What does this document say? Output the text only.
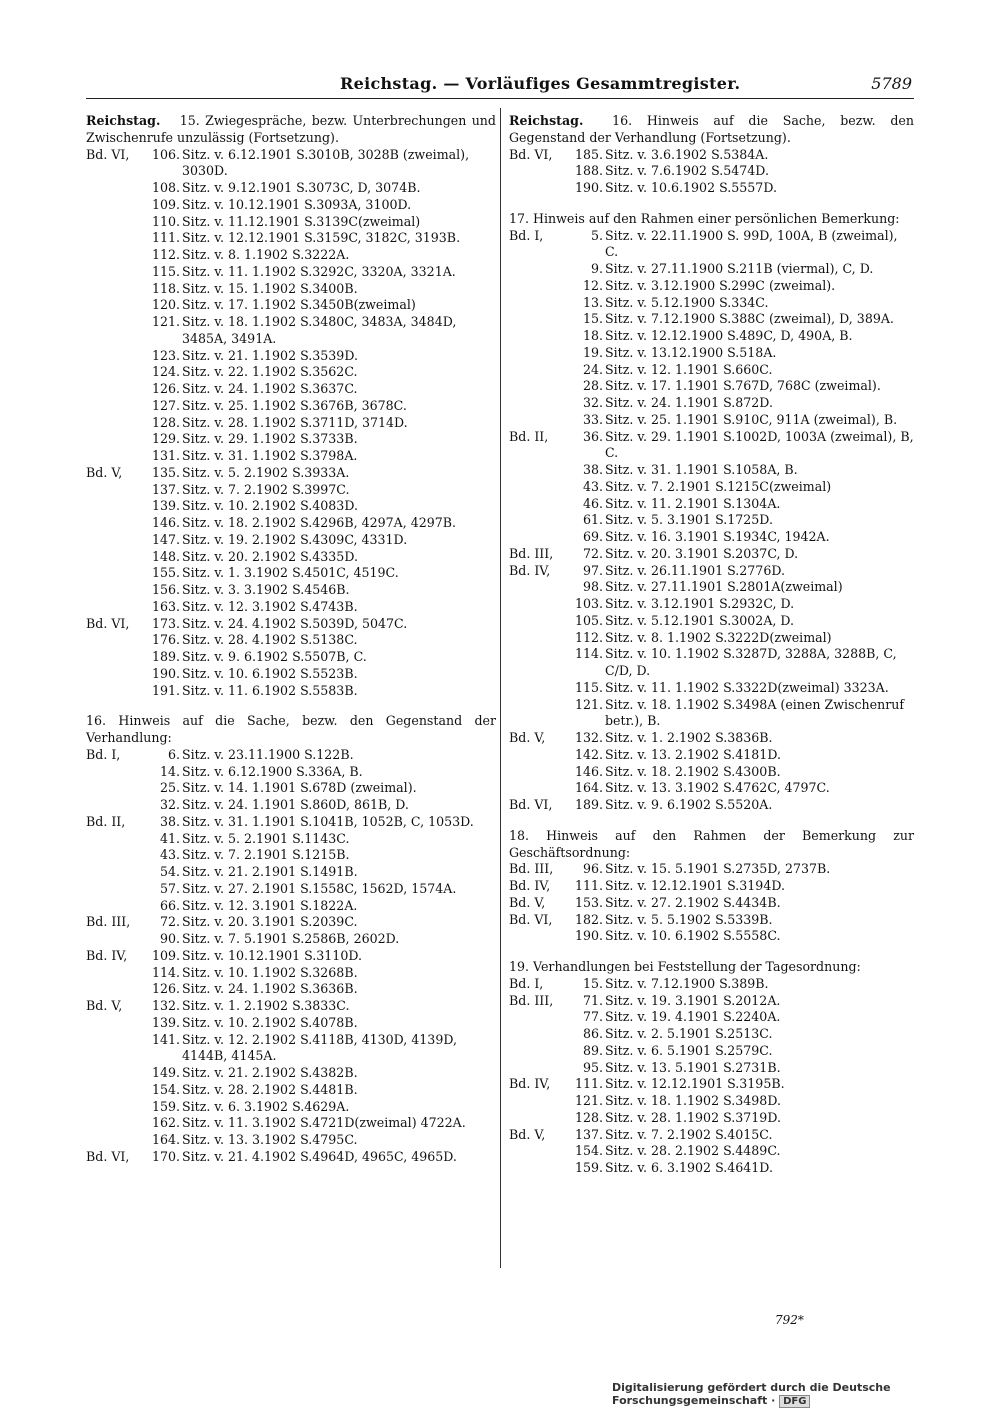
Reichstag. — Vorläufiges Gesammtregister.	5789

Reichstag. 15. Zwiegespräche, bezw. Unterbrechungen und Zwischenrufe unzulässig (Fortsetzung).

Bd. VI,	106. Sitz. v. 6.12.1901 S.3010B, 3028B (zweimal), 3030D.
108. Sitz. v. 9.12.1901 S.3073C, D, 3074B.
109. Sitz. v. 10.12.1901 S.3093A, 3100D.
110. Sitz. v. 11.12.1901 S.3139C(zweimal)
111. Sitz. v. 12.12.1901 S.3159C, 3182C, 3193B.
112. Sitz. v. 8. 1.1902 S.3222A.
115. Sitz. v. 11. 1.1902 S.3292C, 3320A, 3321A.
118. Sitz. v. 15. 1.1902 S.3400B.
120. Sitz. v. 17. 1.1902 S.3450B(zweimal)
121. Sitz. v. 18. 1.1902 S.3480C, 3483A, 3484D, 3485A, 3491A.
123. Sitz. v. 21. 1.1902 S.3539D.
124. Sitz. v. 22. 1.1902 S.3562C.
126. Sitz. v. 24. 1.1902 S.3637C.
127. Sitz. v. 25. 1.1902 S.3676B, 3678C.
128. Sitz. v. 28. 1.1902 S.3711D, 3714D.
129. Sitz. v. 29. 1.1902 S.3733B.
131. Sitz. v. 31. 1.1902 S.3798A.
Bd. V,	135. Sitz. v. 5. 2.1902 S.3933A.
137. Sitz. v. 7. 2.1902 S.3997C.
139. Sitz. v. 10. 2.1902 S.4083D.
146. Sitz. v. 18. 2.1902 S.4296B, 4297A, 4297B.
147. Sitz. v. 19. 2.1902 S.4309C, 4331D.
148. Sitz. v. 20. 2.1902 S.4335D.
155. Sitz. v. 1. 3.1902 S.4501C, 4519C.
156. Sitz. v. 3. 3.1902 S.4546B.
163. Sitz. v. 12. 3.1902 S.4743B.
Bd. VI,	173. Sitz. v. 24. 4.1902 S.5039D, 5047C.
176. Sitz. v. 28. 4.1902 S.5138C.
189. Sitz. v. 9. 6.1902 S.5507B, C.
190. Sitz. v. 10. 6.1902 S.5523B.
191. Sitz. v. 11. 6.1902 S.5583B.

16. Hinweis auf die Sache, bezw. den Gegenstand der Verhandlung:

Bd. I,	6. Sitz. v. 23.11.1900 S.122B.
14. Sitz. v. 6.12.1900 S.336A, B.
25. Sitz. v. 14. 1.1901 S.678D (zweimal).
32. Sitz. v. 24. 1.1901 S.860D, 861B, D.
Bd. II,	38. Sitz. v. 31. 1.1901 S.1041B, 1052B, C, 1053D.
41. Sitz. v. 5. 2.1901 S.1143C.
43. Sitz. v. 7. 2.1901 S.1215B.
54. Sitz. v. 21. 2.1901 S.1491B.
57. Sitz. v. 27. 2.1901 S.1558C, 1562D, 1574A.
66. Sitz. v. 12. 3.1901 S.1822A.
Bd. III,	72. Sitz. v. 20. 3.1901 S.2039C.
90. Sitz. v. 7. 5.1901 S.2586B, 2602D.
Bd. IV,	109. Sitz. v. 10.12.1901 S.3110D.
114. Sitz. v. 10. 1.1902 S.3268B.
126. Sitz. v. 24. 1.1902 S.3636B.
Bd. V,	132. Sitz. v. 1. 2.1902 S.3833C.
139. Sitz. v. 10. 2.1902 S.4078B.
141. Sitz. v. 12. 2.1902 S.4118B, 4130D, 4139D, 4144B, 4145A.
149. Sitz. v. 21. 2.1902 S.4382B.
154. Sitz. v. 28. 2.1902 S.4481B.
159. Sitz. v. 6. 3.1902 S.4629A.
162. Sitz. v. 11. 3.1902 S.4721D(zweimal) 4722A.
164. Sitz. v. 13. 3.1902 S.4795C.
Bd. VI,	170. Sitz. v. 21. 4.1902 S.4964D, 4965C, 4965D.

Reichstag. 16. Hinweis auf die Sache, bezw. den Gegenstand der Verhandlung (Fortsetzung).

Bd. VI,	185. Sitz. v. 3.6.1902 S.5384A.
188. Sitz. v. 7.6.1902 S.5474D.
190. Sitz. v. 10.6.1902 S.5557D.

17. Hinweis auf den Rahmen einer persönlichen Bemerkung:

Bd. I,	5. Sitz. v. 22.11.1900 S. 99D, 100A, B (zweimal), C.
9. Sitz. v. 27.11.1900 S.211B (viermal), C, D.
12. Sitz. v. 3.12.1900 S.299C (zweimal).
13. Sitz. v. 5.12.1900 S.334C.
15. Sitz. v. 7.12.1900 S.388C (zweimal), D, 389A.
18. Sitz. v. 12.12.1900 S.489C, D, 490A, B.
19. Sitz. v. 13.12.1900 S.518A.
24. Sitz. v. 12. 1.1901 S.660C.
28. Sitz. v. 17. 1.1901 S.767D, 768C (zweimal).
32. Sitz. v. 24. 1.1901 S.872D.
33. Sitz. v. 25. 1.1901 S.910C, 911A (zweimal), B.
Bd. II,	36. Sitz. v. 29. 1.1901 S.1002D, 1003A (zweimal), B, C.
38. Sitz. v. 31. 1.1901 S.1058A, B.
43. Sitz. v. 7. 2.1901 S.1215C(zweimal)
46. Sitz. v. 11. 2.1901 S.1304A.
61. Sitz. v. 5. 3.1901 S.1725D.
69. Sitz. v. 16. 3.1901 S.1934C, 1942A.
Bd. III,	72. Sitz. v. 20. 3.1901 S.2037C, D.
Bd. IV,	97. Sitz. v. 26.11.1901 S.2776D.
98. Sitz. v. 27.11.1901 S.2801A(zweimal)
103. Sitz. v. 3.12.1901 S.2932C, D.
105. Sitz. v. 5.12.1901 S.3002A, D.
112. Sitz. v. 8. 1.1902 S.3222D(zweimal)
114. Sitz. v. 10. 1.1902 S.3287D, 3288A, 3288B, C, C/D, D.
115. Sitz. v. 11. 1.1902 S.3322D(zweimal) 3323A.
121. Sitz. v. 18. 1.1902 S.3498A (einen Zwischenruf betr.), B.
Bd. V,	132. Sitz. v. 1. 2.1902 S.3836B.
142. Sitz. v. 13. 2.1902 S.4181D.
146. Sitz. v. 18. 2.1902 S.4300B.
164. Sitz. v. 13. 3.1902 S.4762C, 4797C.
Bd. VI,	189. Sitz. v. 9. 6.1902 S.5520A.

18. Hinweis auf den Rahmen der Bemerkung zur Geschäftsordnung:

Bd. III,	96. Sitz. v. 15. 5.1901 S.2735D, 2737B.
Bd. IV,	111. Sitz. v. 12.12.1901 S.3194D.
Bd. V,	153. Sitz. v. 27. 2.1902 S.4434B.
Bd. VI,	182. Sitz. v. 5. 5.1902 S.5339B.
190. Sitz. v. 10. 6.1902 S.5558C.

19. Verhandlungen bei Feststellung der Tagesordnung:

Bd. I,	15. Sitz. v. 7.12.1900 S.389B.
Bd. III,	71. Sitz. v. 19. 3.1901 S.2012A.
77. Sitz. v. 19. 4.1901 S.2240A.
86. Sitz. v. 2. 5.1901 S.2513C.
89. Sitz. v. 6. 5.1901 S.2579C.
95. Sitz. v. 13. 5.1901 S.2731B.
Bd. IV,	111. Sitz. v. 12.12.1901 S.3195B.
121. Sitz. v. 18. 1.1902 S.3498D.
128. Sitz. v. 28. 1.1902 S.3719D.
Bd. V,	137. Sitz. v. 7. 2.1902 S.4015C.
154. Sitz. v. 28. 2.1902 S.4489C.
159. Sitz. v. 6. 3.1902 S.4641D.
792*
Digitalisierung gefördert durch die Deutsche Forschungsgemeinschaft · DFG
